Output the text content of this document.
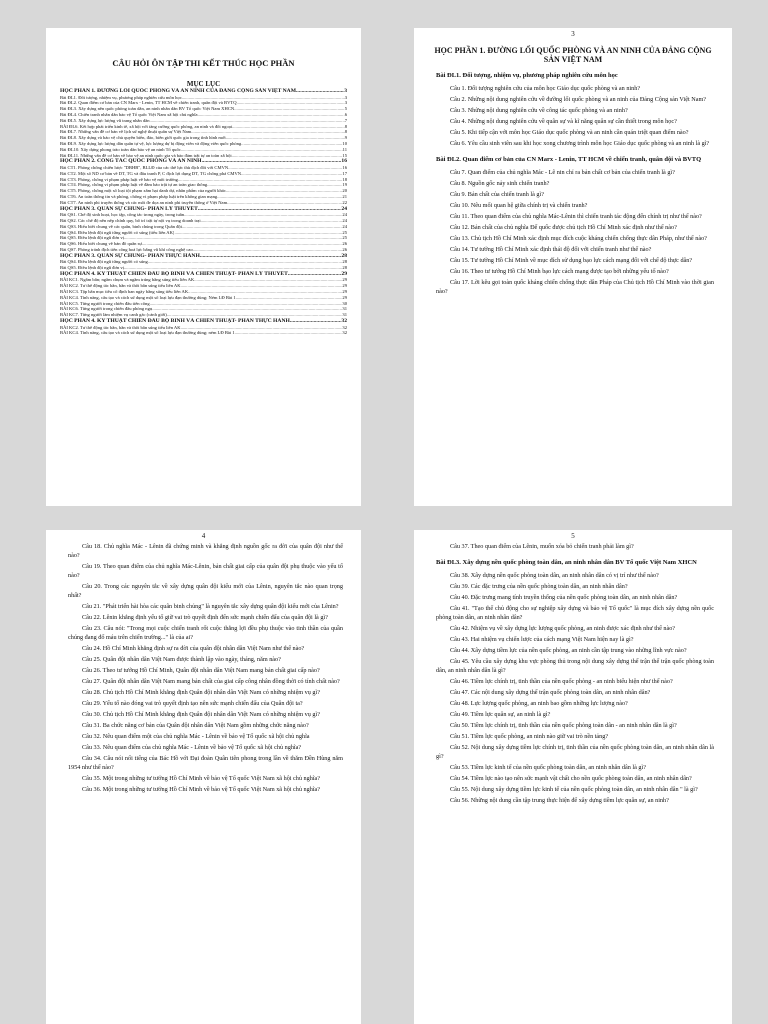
CÂU HỎI ÔN TẬP THI KẾT THÚC HỌC PHẦN
MỤC LỤC
HỌC PHẦN 1. ĐƯỜNG LỐI QUỐC PHÒNG VÀ AN NINH CỦA ĐẢNG CỘNG SẢN VIỆT NAM .....	3
Bài ĐL1. Đối tượng, nhiệm vụ, phương pháp nghiên cứu môn học .....	3
Bài ĐL2. Quan điểm cơ bản của CN Marx - Lenin, TT HCM về chiến tranh, quân đội và BVTQ .....	3
Bài ĐL3. Xây dựng nền quốc phòng toàn dân, an ninh nhân dân BV Tổ quốc Việt Nam XHCN .....	5
Bài ĐL4. Chiến tranh nhân dân bảo vệ Tổ quốc Việt Nam xã hội chủ nghĩa .....	6
Bài ĐL5. Xây dựng lực lượng vũ trang nhân dân .....	7
BÀI ĐL6. Kết hợp phát triển kinh tế, xã hội với tăng cường quốc phòng, an ninh và đối ngoại .....	8
Bài ĐL7. Những vấn đề cơ bản về lịch sử nghệ thuật quân sự Việt Nam .....	8
Bài ĐL8. Xây dựng và bảo vệ chủ quyền biển, đảo, biên giới quốc gia trong tình hình mới .....	9
Bài ĐL9. Xây dựng lực lượng dân quân tự vệ, lực lượng dự bị động viên và động viên quốc phòng .....	10
Bài ĐL10. Xây dựng phong trào toàn dân bảo vệ an ninh Tổ quốc .....	11
Bài ĐL11. Những vấn đề cơ bản về bảo vệ an ninh quốc gia và bảo đảm trật tự an toàn xã hội .....	15
HỌC PHẦN 2. CÔNG TÁC QUỐC PHÒNG VÀ AN NINH .....	16
Bài CT1. Phòng chống chiến lược "DBHB", BLLĐ của các thế lực thù địch đối với CMVN .....	16
Bài CT2. Một số ND cơ bản về DT, TG và đấu tranh P, C địch lợi dụng DT, TG chống phá CMVN .....	17
Bài CT3. Phòng, chống vi phạm pháp luật về bảo vệ môi trường .....	18
Bài CT4. Phòng, chống vi phạm pháp luật về đảm bảo trật tự an toàn giao thông .....	19
Bài CT5. Phòng, chống một số loại tội phạm xâm hại danh dự, nhân phẩm của người khác .....	20
Bài CT6. An toàn thông tin và phòng, chống vi phạm pháp luật trên không gian mạng .....	21
Bài CT7. An ninh phi truyền thống và các mối đe dọa an ninh phi truyền thống ở Việt Nam .....	22
HỌC PHẦN 3. QUÂN SỰ CHUNG- PHẦN LÝ THUYẾT .....	24
Bài QS1. Chế độ sinh hoạt, học tập, công tác trong ngày, trong tuần .....	24
Bài QS2. Các chế độ nền nếp chính quy, bố trí trật tự nội vụ trong doanh trại .....	24
Bài QS3. Hiểu biết chung về các quân, binh chủng trong Quân đội .....	24
Bài QS4. Điều lệnh đội ngũ từng người có súng (tiểu liên AK) .....	25
Bài QS5. Điều lệnh đội ngũ đơn vị .....	25
Bài QS6. Hiểu biết chung về bản đồ quân sự .....	26
Bài QS7. Phòng tránh địch tiến công hoả lực bằng vũ khí công nghệ cao .....	26
HỌC PHẦN 3. QUÂN SỰ CHUNG- PHẦN THỰC HÀNH .....	28
Bài QS4. Điều lệnh đội ngũ từng người có súng .....	28
Bài QS5. Điều lệnh đội ngũ đơn vị .....	28
HỌC PHẦN 4. KỸ THUẬT CHIẾN ĐẤU BỘ BINH VÀ CHIẾN THUẬT- PHẦN LÝ THUYẾT .....	29
BÀI KC1. Ngắm bắn; ngắm chụm và ngắm trúng bằng súng tiểu liên AK .....	29
BÀI KC2. Tư thế động tác bắn, bắn và thôi bắn súng tiểu liên AK .....	29
BÀI KC3. Tập bắn mục tiêu cố định ban ngày bằng súng tiểu liên AK .....	29
BÀI KC4. Tính năng, cấu tạo và cách sử dụng một số loại lựu đạn thường dùng; Ném LĐ Bài 1 .....	29
BÀI KC5. Từng người trong chiến đấu tiến công .....	30
BÀI KC6. Từng người trong chiến đấu phòng ngự .....	31
BÀI KC7. Từng người làm nhiệm vụ canh gác (cảnh giới) .....	31
HỌC PHẦN 4. KỸ THUẬT CHIẾN ĐẤU BỘ BINH VÀ CHIẾN THUẬT- PHẦN THỰC HÀNH .....	32
BÀI KC2. Tư thế động tác bắn, bắn và thôi bắn súng tiểu liên AK .....	32
BÀI KC4. Tính năng, cấu tạo và cách sử dụng một số loại lựu đạn thường dùng; ném LĐ Bài 1 .....	32
3
HỌC PHẦN 1. ĐƯỜNG LỐI QUỐC PHÒNG VÀ AN NINH CỦA ĐẢNG CỘNG SẢN VIỆT NAM
Bài ĐL1. Đối tượng, nhiệm vụ, phương pháp nghiên cứu môn học
Câu 1. Đối tượng nghiên cứu của môn học Giáo dục quốc phòng và an ninh?
Câu 2. Những nội dung nghiên cứu về đường lối quốc phòng và an ninh của Đảng Cộng sản Việt Nam?
Câu 3. Những nội dung nghiên cứu về công tác quốc phòng và an ninh?
Câu 4. Những nội dung nghiên cứu về quân sự và kĩ năng quân sự cần thiết trong môn học?
Câu 5. Khi tiếp cận với môn học Giáo dục quốc phòng và an ninh cần quán triệt quan điểm nào?
Câu 6. Yêu cầu sinh viên sau khi học xong chương trình môn học Giáo dục quốc phòng và an ninh là gì?
Bài ĐL2. Quan điểm cơ bản của CN Marx - Lenin, TT HCM về chiến tranh, quân đội và BVTQ
Câu 7. Quan điểm của chủ nghĩa Mác - Lê nin chỉ ra bản chất cơ bản của chiến tranh là gì?
Câu 8. Nguồn gốc nảy sinh chiến tranh?
Câu 9. Bản chất của chiến tranh là gì?
Câu 10. Nêu mối quan hệ giữa chính trị và chiến tranh?
Câu 11. Theo quan điểm của chủ nghĩa Mác-Lênin thì chiến tranh tác động đến chính trị như thế nào?
Câu 12. Bản chất của chủ nghĩa Đế quốc được chủ tịch Hồ Chí Minh xác định như thế nào?
Câu 13. Chủ tịch Hồ Chí Minh xác định mục đích cuộc kháng chiến chống thực dân Pháp, như thế nào?
Câu 14. Tư tưởng Hồ Chí Minh xác định thái độ đối với chiến tranh như thế nào?
Câu 15. Tư tưởng Hồ Chí Minh về mục đích sử dụng bạo lực cách mạng đối với chế độ thực dân?
Câu 16. Theo tư tưởng Hồ Chí Minh bạo lực cách mạng được tạo bởi những yếu tố nào?
Câu 17. Lời kêu gọi toàn quốc kháng chiến chống thực dân Pháp của Chủ tịch Hồ Chí Minh vào thời gian nào?
4
Câu 18. Chủ nghĩa Mác - Lênin đã chứng minh và khẳng định nguồn gốc ra đời của quân đội như thế nào?
Câu 19. Theo quan điểm của chủ nghĩa Mác-Lênin, bản chất giai cấp của quân đội phụ thuộc vào yếu tố nào?
Câu 20. Trong các nguyên tắc về xây dựng quân đội kiểu mới của Lênin, nguyên tắc nào quan trọng nhất?
Câu 21. "Phát triển hài hòa các quân binh chủng" là nguyên tắc xây dựng quân đội kiểu mới của Lênin?
Câu 22. Lênin khẳng định yếu tố giữ vai trò quyết định đến sức mạnh chiến đấu của quân đội là gì?
Câu 23. Câu nói: "Trong mọi cuộc chiến tranh rốt cuộc thắng lợi đều phụ thuộc vào tinh thần của quần chúng đang đổ máu trên chiến trường..." là của ai?
Câu 24. Hồ Chí Minh khẳng định sự ra đời của quân đội nhân dân Việt Nam như thế nào?
Câu 25. Quân đội nhân dân Việt Nam được thành lập vào ngày, tháng, năm nào?
Câu 26. Theo tư tưởng Hồ Chí Minh, Quân đội nhân dân Việt Nam mang bản chất giai cấp nào?
Câu 27. Quân đội nhân dân Việt Nam mang bản chất của giai cấp công nhân đồng thời có tính chất nào?
Câu 28. Chủ tịch Hồ Chí Minh khẳng định Quân đội nhân dân Việt Nam có những nhiệm vụ gì?
Câu 29. Yếu tố nào đóng vai trò quyết định tạo nên sức mạnh chiến đấu của Quân đội ta?
Câu 30. Chủ tịch Hồ Chí Minh khẳng định Quân đội nhân dân Việt Nam có những nhiệm vụ gì?
Câu 31. Ba chức năng cơ bản của Quân đội nhân dân Việt Nam gồm những chức năng nào?
Câu 32. Nêu quan điểm một của chủ nghĩa Mác - Lênin về bảo vệ Tổ quốc xã hội chủ nghĩa
Câu 33. Nêu quan điểm của chủ nghĩa Mác - Lênin về bảo vệ Tổ quốc xã hội chủ nghĩa?
Câu 34. Câu nói nổi tiếng của Bác Hồ với Đại đoàn Quân tiên phong trong lần về thăm Đền Hùng năm 1954 như thế nào?
Câu 35. Một trong những tư tưởng Hồ Chí Minh về bảo vệ Tổ quốc Việt Nam xã hội chủ nghĩa?
Câu 36. Một trong những tư tưởng Hồ Chí Minh về bảo vệ Tổ quốc Việt Nam xã hội chủ nghĩa?
5
Câu 37. Theo quan điểm của Lênin, muốn xóa bỏ chiến tranh phải làm gì?
Bài ĐL3. Xây dựng nền quốc phòng toàn dân, an ninh nhân dân BV Tổ quốc Việt Nam XHCN
Câu 38. Xây dựng nền quốc phòng toàn dân, an ninh nhân dân có vị trí như thế nào?
Câu 39. Các đặc trưng của nền quốc phòng toàn dân, an ninh nhân dân?
Câu 40. Đặc trưng mang tính truyền thống của nền quốc phòng toàn dân, an ninh nhân dân?
Câu 41. "Tạo thế chủ động cho sự nghiệp xây dựng và bảo vệ Tổ quốc" là mục đích xây dựng nền quốc phòng toàn dân, an ninh nhân dân?
Câu 42. Nhiệm vụ về xây dựng lực lượng quốc phòng, an ninh được xác định như thế nào?
Câu 43. Hai nhiệm vụ chiến lược của cách mạng Việt Nam hiện nay là gì?
Câu 44. Xây dựng tiềm lực của nền quốc phòng, an ninh cần tập trung vào những lĩnh vực nào?
Câu 45. Yêu cầu xây dựng khu vực phòng thủ trong nội dung xây dựng thế trận thế trận quốc phòng toàn dân, an ninh nhân dân là gì?
Câu 46. Tiềm lực chính trị, tinh thần của nền quốc phòng - an ninh biểu hiện như thế nào?
Câu 47. Các nội dung xây dựng thế trận quốc phòng toàn dân, an ninh nhân dân?
Câu 48. Lực lượng quốc phòng, an ninh bao gồm những lực lượng nào?
Câu 49. Tiềm lực quân sự, an ninh là gì?
Câu 50. Tiềm lực chính trị, tinh thần của nền quốc phòng toàn dân - an ninh nhân dân là gì?
Câu 51. Tiềm lực quốc phòng, an ninh nào giữ vai trò nền tảng?
Câu 52. Nội dung xây dựng tiềm lực chính trị, tinh thần của nền quốc phòng toàn dân, an ninh nhân dân là gì?
Câu 53. Tiềm lực kinh tế của nền quốc phòng toàn dân, an ninh nhân dân là gì?
Câu 54. Tiềm lực nào tạo nên sức mạnh vật chất cho nền quốc phòng toàn dân, an ninh nhân dân?
Câu 55. Nội dung xây dựng tiềm lực kinh tế của nền quốc phòng toàn dân, an ninh nhân dân " là gì?
Câu 56. Những nội dung cần tập trung thực hiện để xây dựng tiềm lực quân sự, an ninh?
